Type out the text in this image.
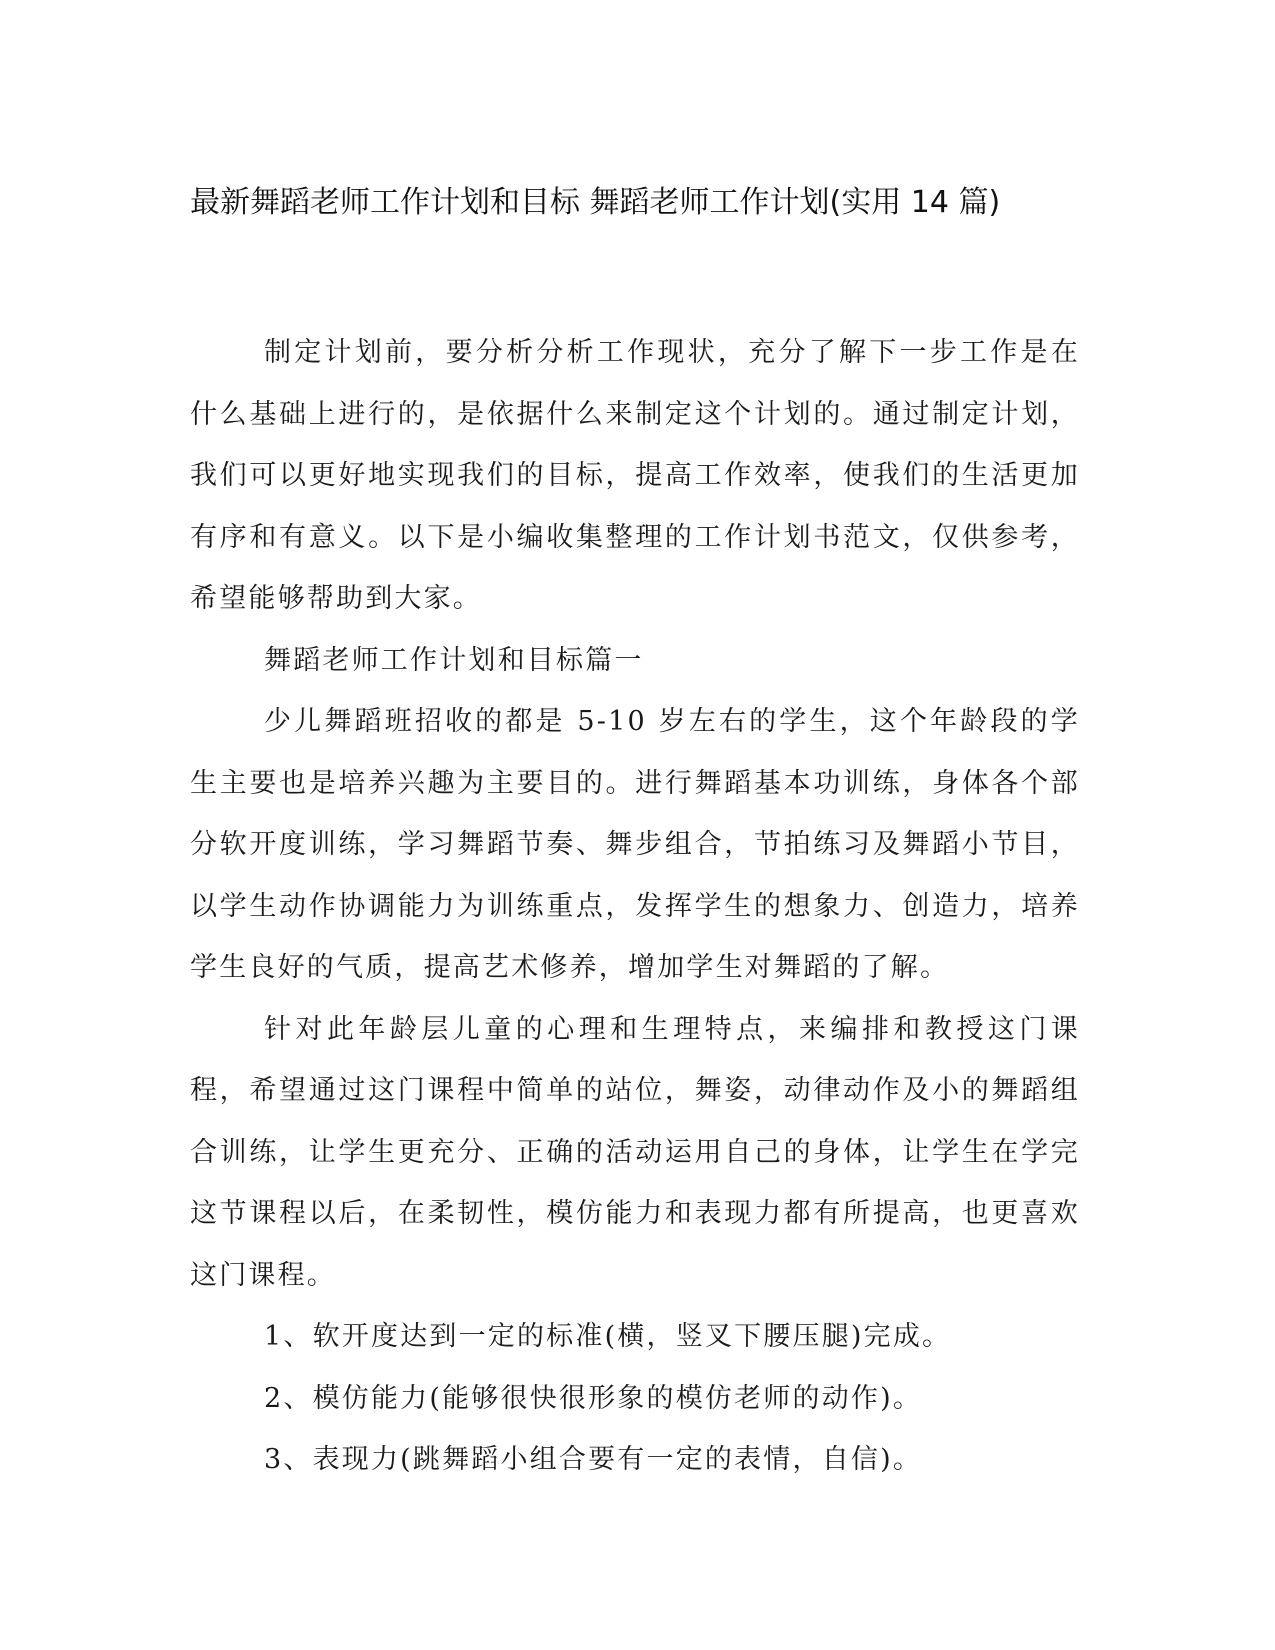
最新舞蹈老师工作计划和目标 舞蹈老师工作计划(实用 14 篇)

制定计划前，要分析分析工作现状，充分了解下一步工作是在什么基础上进行的，是依据什么来制定这个计划的。通过制定计划，我们可以更好地实现我们的目标，提高工作效率，使我们的生活更加有序和有意义。以下是小编收集整理的工作计划书范文，仅供参考，希望能够帮助到大家。

舞蹈老师工作计划和目标篇一

少儿舞蹈班招收的都是 5-10 岁左右的学生，这个年龄段的学生主要也是培养兴趣为主要目的。进行舞蹈基本功训练，身体各个部分软开度训练，学习舞蹈节奏、舞步组合，节拍练习及舞蹈小节目，以学生动作协调能力为训练重点，发挥学生的想象力、创造力，培养学生良好的气质，提高艺术修养，增加学生对舞蹈的了解。

针对此年龄层儿童的心理和生理特点，来编排和教授这门课程，希望通过这门课程中简单的站位，舞姿，动律动作及小的舞蹈组合训练，让学生更充分、正确的活动运用自己的身体，让学生在学完这节课程以后，在柔韧性，模仿能力和表现力都有所提高，也更喜欢这门课程。

1、软开度达到一定的标准(横，竖叉下腰压腿)完成。

2、模仿能力(能够很快很形象的模仿老师的动作)。

3、表现力(跳舞蹈小组合要有一定的表情，自信)。
